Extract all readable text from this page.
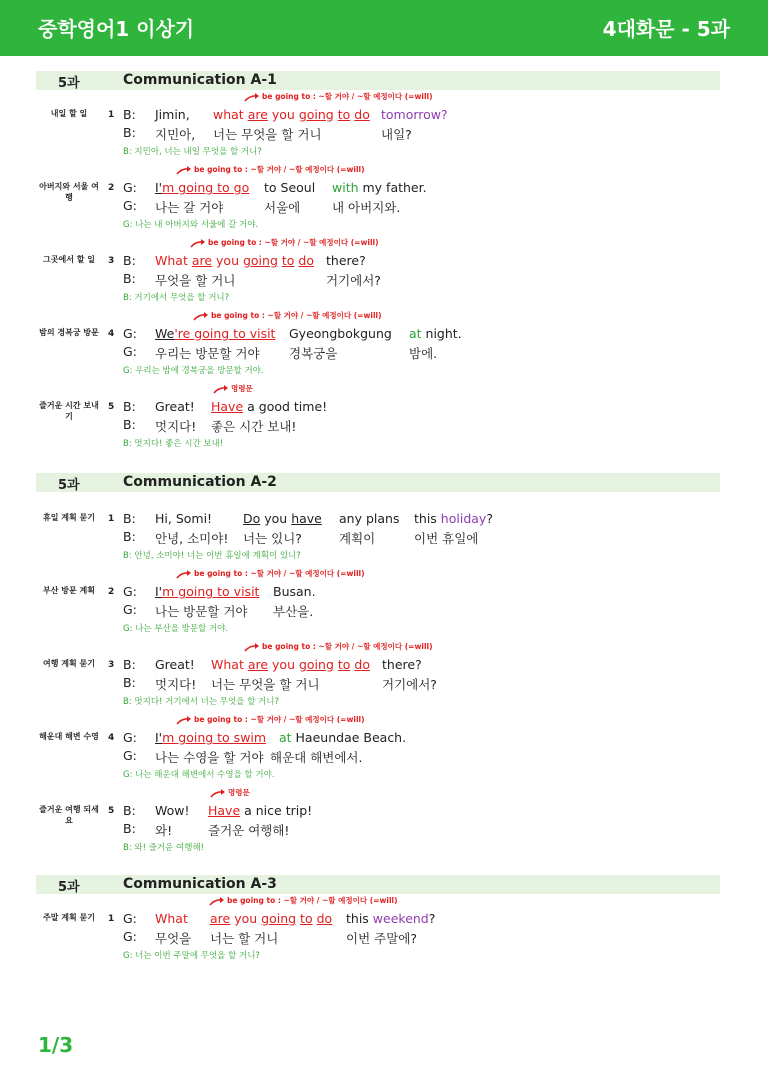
중학영어1 이상기	4대화문 - 5과
5과	Communication A-1
be going to : ~할 거야 / ~할 예정이다 (=will)
내일 할 일	1 B: Jimin, what are you going to do tomorrow?
B: 지민아, 너는 무엇을 할 거니	내일?
B: 지민아, 너는 내일 무엇을 할 거니?
be going to : ~할 거야 / ~할 예정이다 (=will)
아버지와 서울 여행
2 G: I'm going to go to Seoul with my father.
G: 나는 갈 거야	서울에	내 아버지와.
G: 나는 내 아버지와 서울에 갈 거야.
be going to : ~할 거야 / ~할 예정이다 (=will)
그곳에서 할 일	3 B: What are you going to do there?
B: 무엇을 할 거니	거기에서?
B: 거기에서 무엇을 할 거니?
be going to : ~할 거야 / ~할 예정이다 (=will)
밤의 경복궁 방문	4 G: We're going to visit Gyeongbokgung at night.
G: 우리는 방문할 거야 경복궁을	밤에.
G: 우리는 밤에 경복궁을 방문할 거야.
명령문
즐거운 시간 보내기
5 B: Great! Have a good time!
B: 멋지다! 좋은 시간 보내!
B: 멋지다! 좋은 시간 보내!
5과	Communication A-2
휴일 계획 묻기	1 B: Hi, Somi! Do you have any plans this holiday?
B: 안녕, 소미야! 너는 있니?	계획이	이번 휴일에
B: 안녕, 소미야! 너는 이번 휴일에 계획이 있니?
be going to : ~할 거야 / ~할 예정이다 (=will)
부산 방문 계획	2 G: I'm going to visit Busan.
G: 나는 방문할 거야 부산을.
G: 나는 부산을 방문할 거야.
be going to : ~할 거야 / ~할 예정이다 (=will)
여행 계획 묻기	3 B: Great! What are you going to do there?
B: 멋지다! 너는 무엇을 할 거니	거기에서?
B: 멋지다! 거기에서 너는 무엇을 할 거니?
be going to : ~할 거야 / ~할 예정이다 (=will)
해운대 해변 수영	4 G: I'm going to swim at Haeundae Beach.
G: 나는 수영을 할 거야 해운대 해변에서.
G: 나는 해운대 해변에서 수영을 할 거야.
명령문
즐거운 여행 되세요
5 B: Wow! Have a nice trip!
B: 와!	즐거운 여행해!
B: 와! 즐거운 여행해!
5과	Communication A-3
be going to : ~할 거야 / ~할 예정이다 (=will)
주말 계획 묻기	1 G: What are you going to do this weekend?
G: 무엇을 너는 할 거니	이번 주말에?
G: 너는 이번 주말에 무엇을 할 거니?
1/3
